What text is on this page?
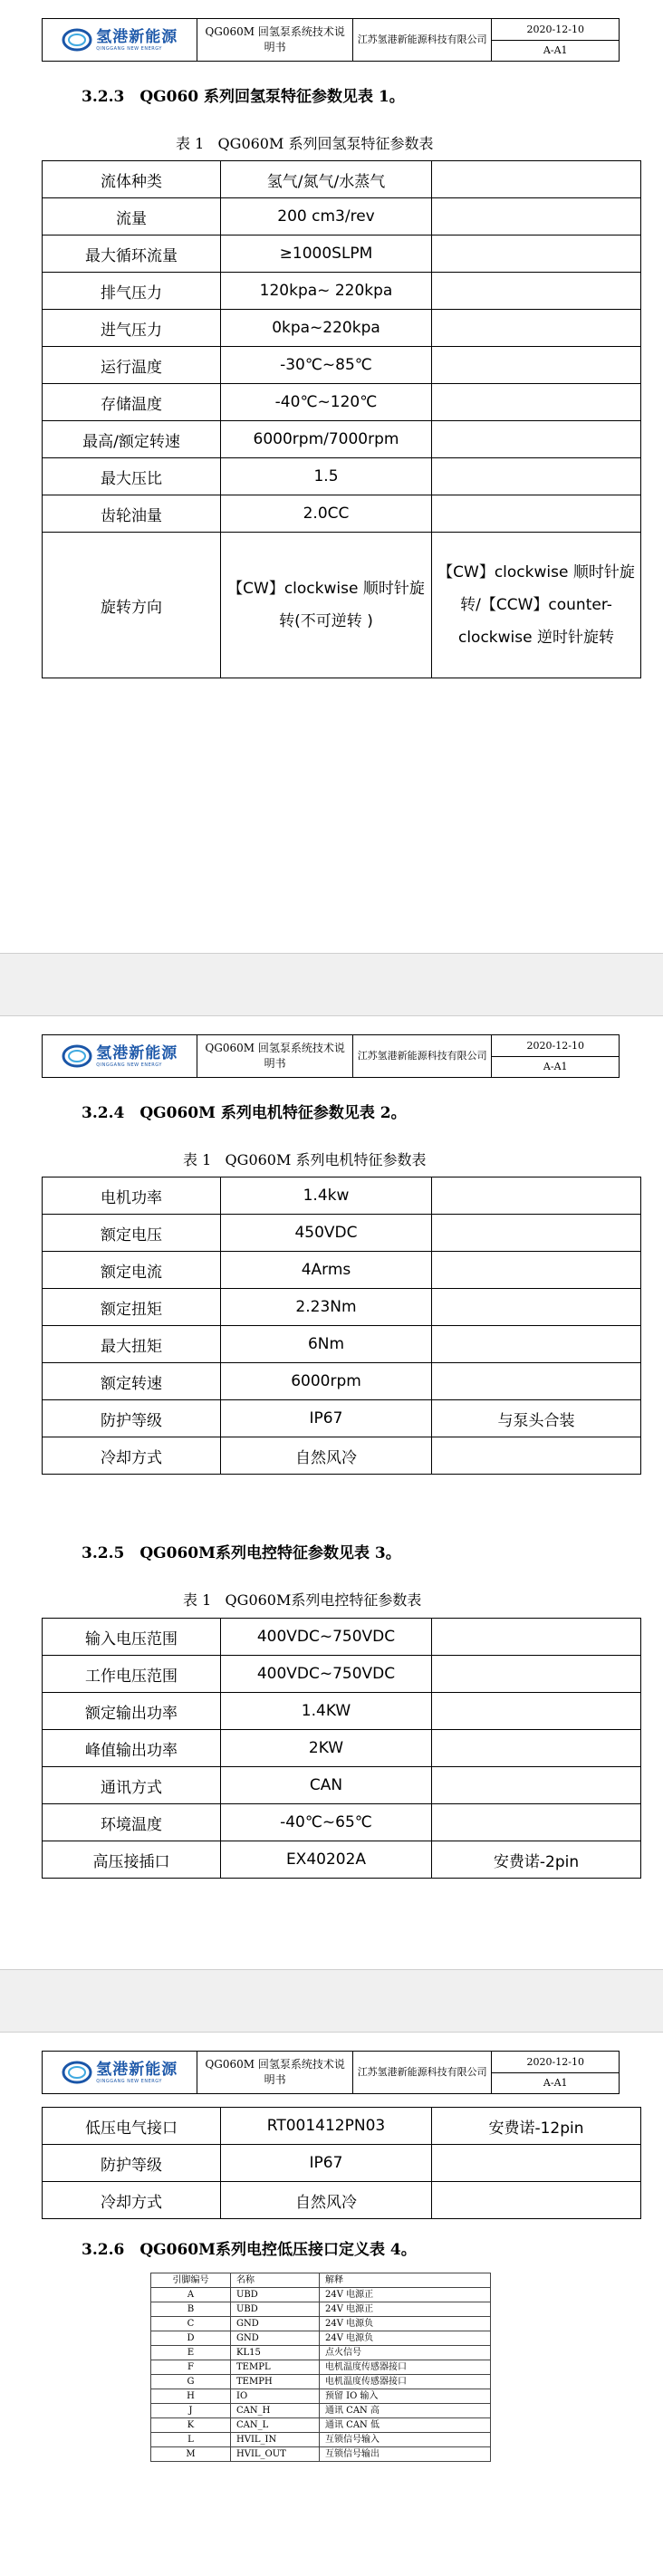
氢港新能源
QINGGANG NEW ENERGY
QG060M 回氢泵系统技术说明书
江苏氢港新能源科技有限公司
2020-12-10
A-A1
3.2.3　QG060 系列回氢泵特征参数见表 1。
表 1 QG060M 系列回氢泵特征参数表
流体种类	氢气/氮气/水蒸气	
流量	200 cm3/rev	
最大循环流量	≥1000SLPM	
排气压力	120kpa~ 220kpa	
进气压力	0kpa~220kpa	
运行温度	-30℃~85℃	
存储温度	-40℃~120℃	
最高/额定转速	6000rpm/7000rpm	
最大压比	1.5	
齿轮油量	2.0CC	
旋转方向	【CW】clockwise 顺时针旋转(不可逆转 )	【CW】clockwise 顺时针旋转/【CCW】counter-clockwise 逆时针旋转
氢港新能源
QINGGANG NEW ENERGY
QG060M 回氢泵系统技术说明书
江苏氢港新能源科技有限公司
2020-12-10
A-A1
3.2.4　QG060M 系列电机特征参数见表 2。
表 1 QG060M 系列电机特征参数表
电机功率	1.4kw	
额定电压	450VDC	
额定电流	4Arms	
额定扭矩	2.23Nm	
最大扭矩	6Nm	
额定转速	6000rpm	
防护等级	IP67	与泵头合装
冷却方式	自然风冷	
3.2.5　QG060M系列电控特征参数见表 3。
表 1 QG060M系列电控特征参数表
输入电压范围	400VDC~750VDC	
工作电压范围	400VDC~750VDC	
额定输出功率	1.4KW	
峰值输出功率	2KW	
通讯方式	CAN	
环境温度	-40℃~65℃	
高压接插口	EX40202A	安费诺-2pin
氢港新能源
QINGGANG NEW ENERGY
QG060M 回氢泵系统技术说明书
江苏氢港新能源科技有限公司
2020-12-10
A-A1
低压电气接口	RT001412PN03	安费诺-12pin
防护等级	IP67	
冷却方式	自然风冷	
3.2.6　QG060M系列电控低压接口定义表 4。
引脚编号	名称	解释
A	UBD	24V 电源正
B	UBD	24V 电源正
C	GND	24V 电源负
D	GND	24V 电源负
E	KL15	点火信号
F	TEMPL	电机温度传感器接口
G	TEMPH	电机温度传感器接口
H	IO	预留 IO 输入
J	CAN_H	通讯 CAN 高
K	CAN_L	通讯 CAN 低
L	HVIL_IN	互锁信号输入
M	HVIL_OUT	互锁信号输出
